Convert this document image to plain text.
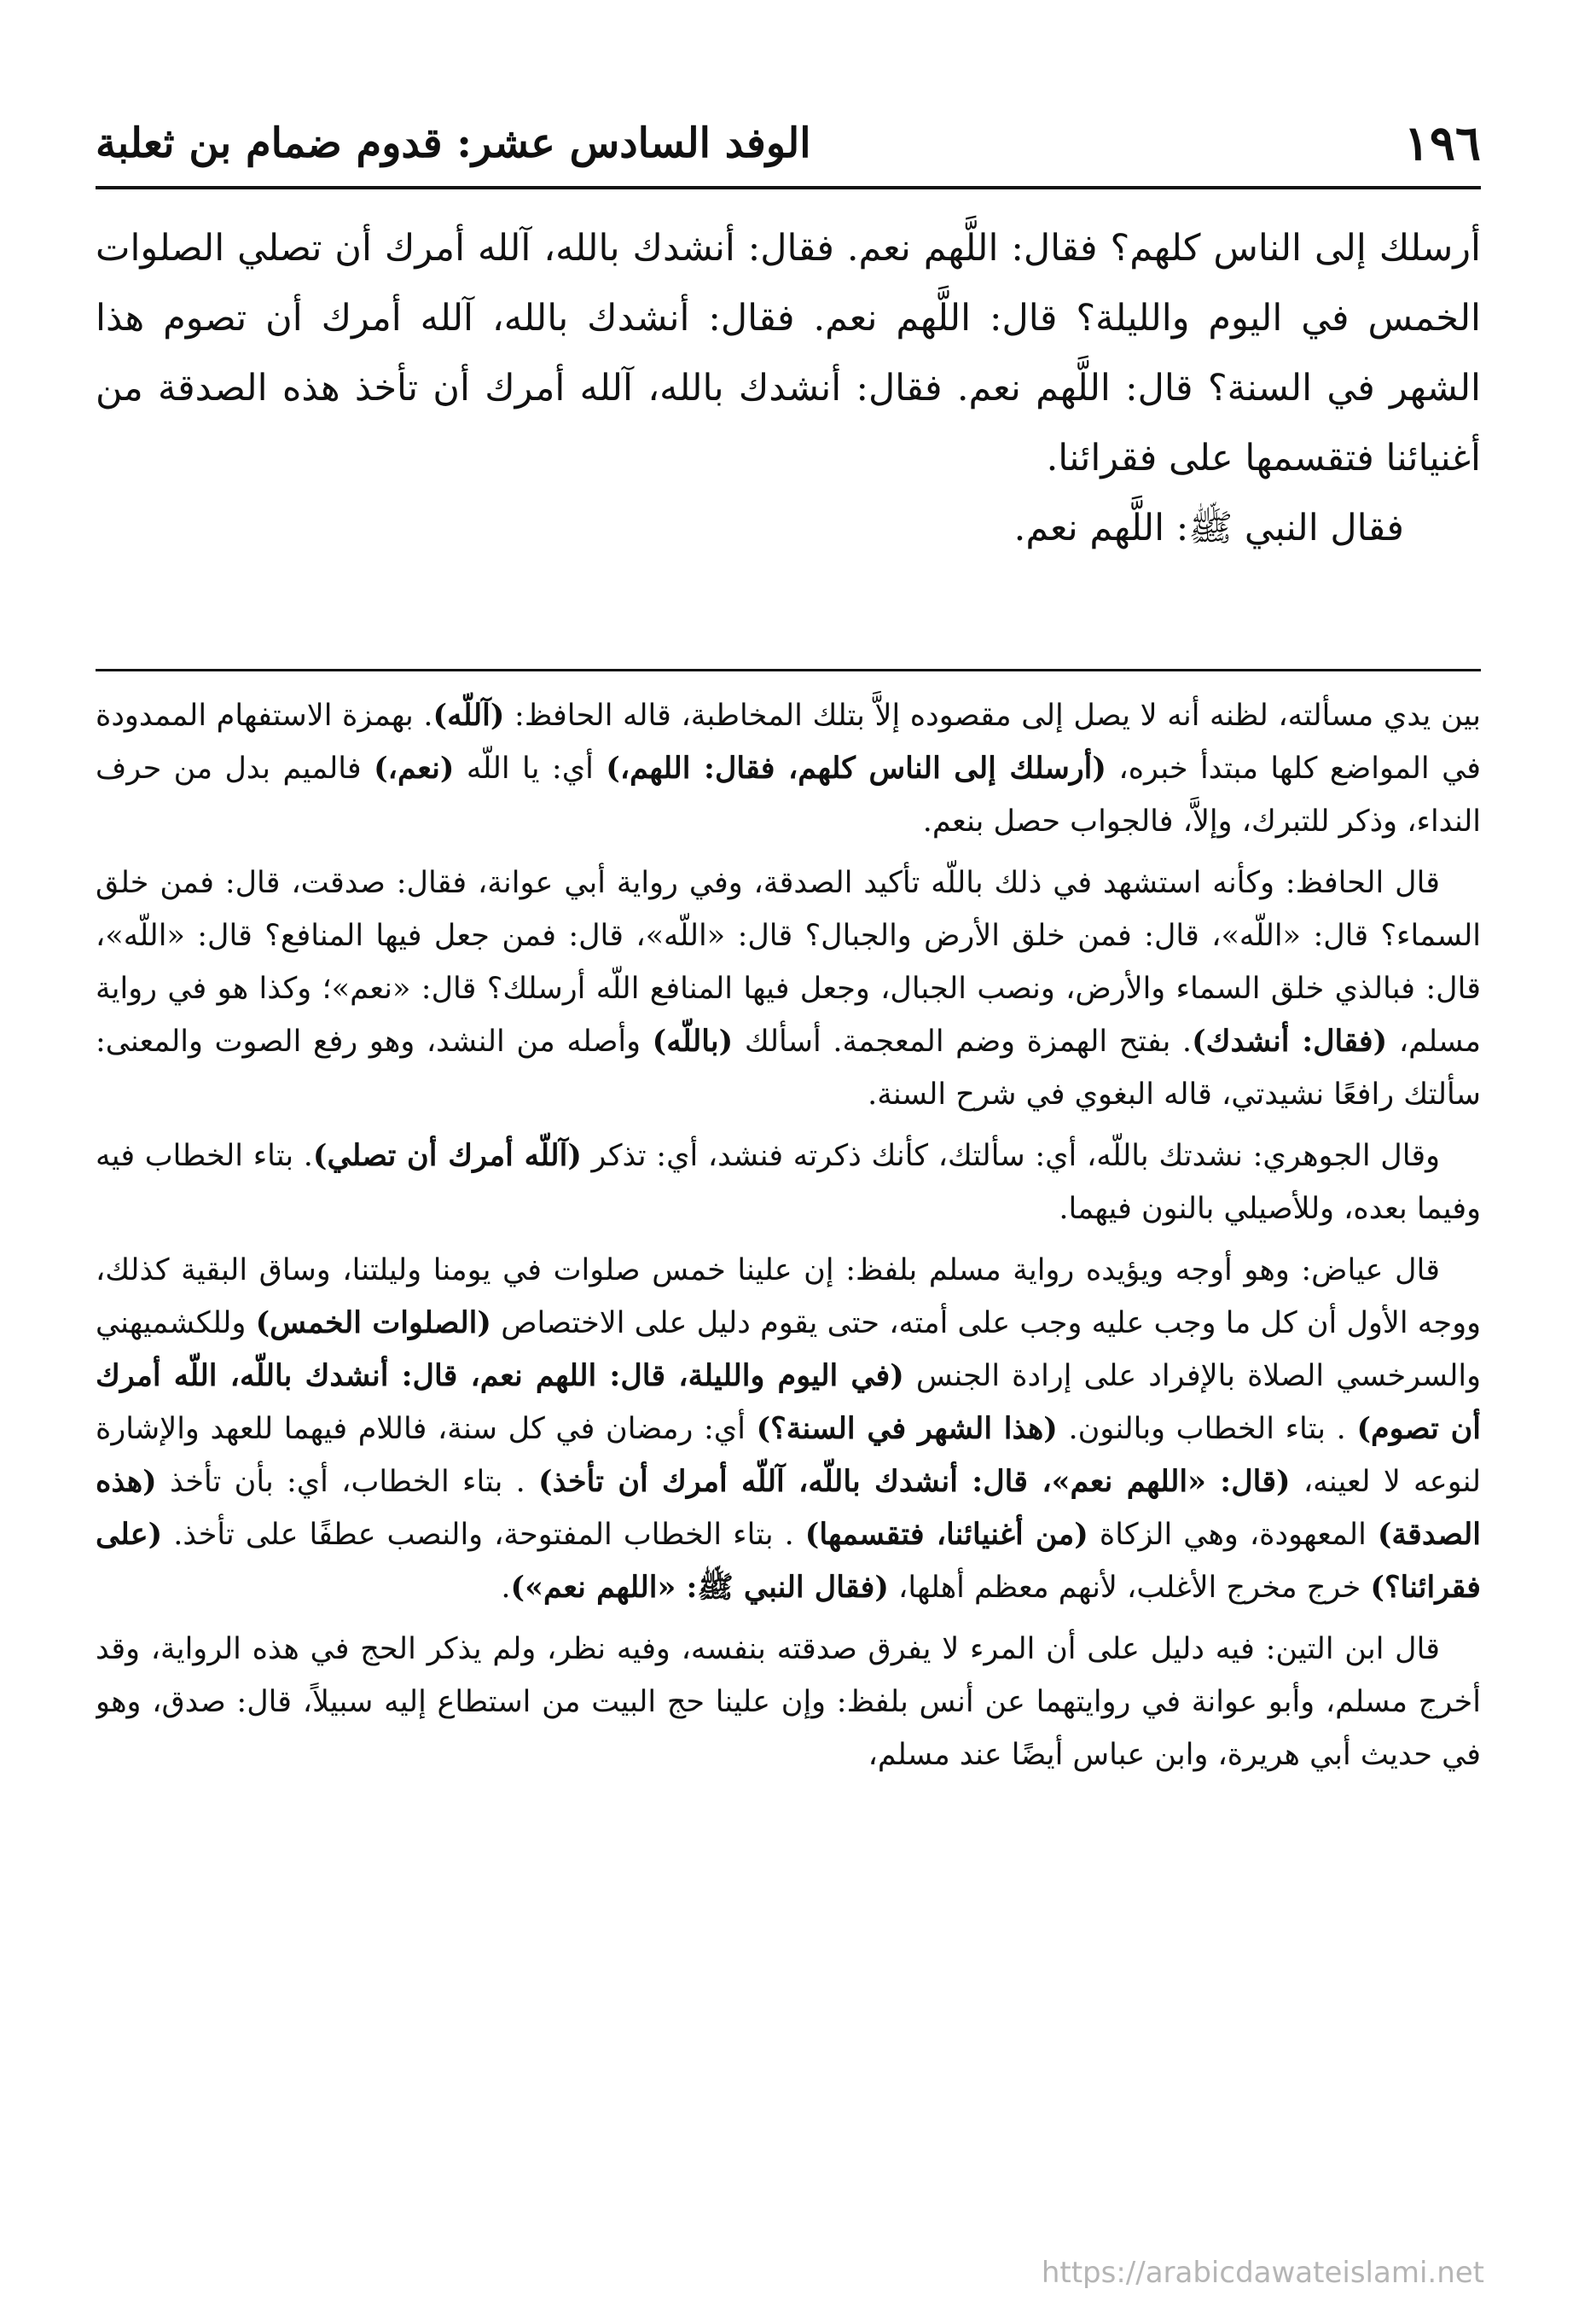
١٩٦
الوفد السادس عشر: قدوم ضمام بن ثعلبة

أرسلك إلى الناس كلهم؟ فقال: اللَّهم نعم. فقال: أنشدك بالله، آلله أمرك أن تصلي الصلوات الخمس في اليوم والليلة؟ قال: اللَّهم نعم. فقال: أنشدك بالله، آلله أمرك أن تصوم هذا الشهر في السنة؟ قال: اللَّهم نعم. فقال: أنشدك بالله، آلله أمرك أن تأخذ هذه الصدقة من أغنيائنا فتقسمها على فقرائنا.

فقال النبي ﷺ: اللَّهم نعم.

بين يدي مسألته، لظنه أنه لا يصل إلى مقصوده إلاَّ بتلك المخاطبة، قاله الحافظ: (آللّه). بهمزة الاستفهام الممدودة في المواضع كلها مبتدأ خبره، (أرسلك إلى الناس كلهم، فقال: اللهم،) أي: يا اللّه (نعم،) فالميم بدل من حرف النداء، وذكر للتبرك، وإلاَّ، فالجواب حصل بنعم.

قال الحافظ: وكأنه استشهد في ذلك باللّه تأكيد الصدقة، وفي رواية أبي عوانة، فقال: صدقت، قال: فمن خلق السماء؟ قال: «اللّه»، قال: فمن خلق الأرض والجبال؟ قال: «اللّه»، قال: فمن جعل فيها المنافع؟ قال: «اللّه»، قال: فبالذي خلق السماء والأرض، ونصب الجبال، وجعل فيها المنافع اللّه أرسلك؟ قال: «نعم»؛ وكذا هو في رواية مسلم، (فقال: أنشدك). بفتح الهمزة وضم المعجمة. أسألك (باللّه) وأصله من النشد، وهو رفع الصوت والمعنى: سألتك رافعًا نشيدتي، قاله البغوي في شرح السنة.

وقال الجوهري: نشدتك باللّه، أي: سألتك، كأنك ذكرته فنشد، أي: تذكر (آللّه أمرك أن تصلي). بتاء الخطاب فيه وفيما بعده، وللأصيلي بالنون فيهما.

قال عياض: وهو أوجه ويؤيده رواية مسلم بلفظ: إن علينا خمس صلوات في يومنا وليلتنا، وساق البقية كذلك، ووجه الأول أن كل ما وجب عليه وجب على أمته، حتى يقوم دليل على الاختصاص (الصلوات الخمس) وللكشميهني والسرخسي الصلاة بالإفراد على إرادة الجنس (في اليوم والليلة، قال: اللهم نعم، قال: أنشدك باللّه، اللّه أمرك أن تصوم) . بتاء الخطاب وبالنون. (هذا الشهر في السنة؟) أي: رمضان في كل سنة، فاللام فيهما للعهد والإشارة لنوعه لا لعينه، (قال: «اللهم نعم»، قال: أنشدك باللّه، آللّه أمرك أن تأخذ) . بتاء الخطاب، أي: بأن تأخذ (هذه الصدقة) المعهودة، وهي الزكاة (من أغنيائنا، فتقسمها) . بتاء الخطاب المفتوحة، والنصب عطفًا على تأخذ. (على فقرائنا؟) خرج مخرج الأغلب، لأنهم معظم أهلها، (فقال النبي ﷺ: «اللهم نعم»).

قال ابن التين: فيه دليل على أن المرء لا يفرق صدقته بنفسه، وفيه نظر، ولم يذكر الحج في هذه الرواية، وقد أخرج مسلم، وأبو عوانة في روايتهما عن أنس بلفظ: وإن علينا حج البيت من استطاع إليه سبيلاً، قال: صدق، وهو في حديث أبي هريرة، وابن عباس أيضًا عند مسلم،

https://arabicdawateislami.net
